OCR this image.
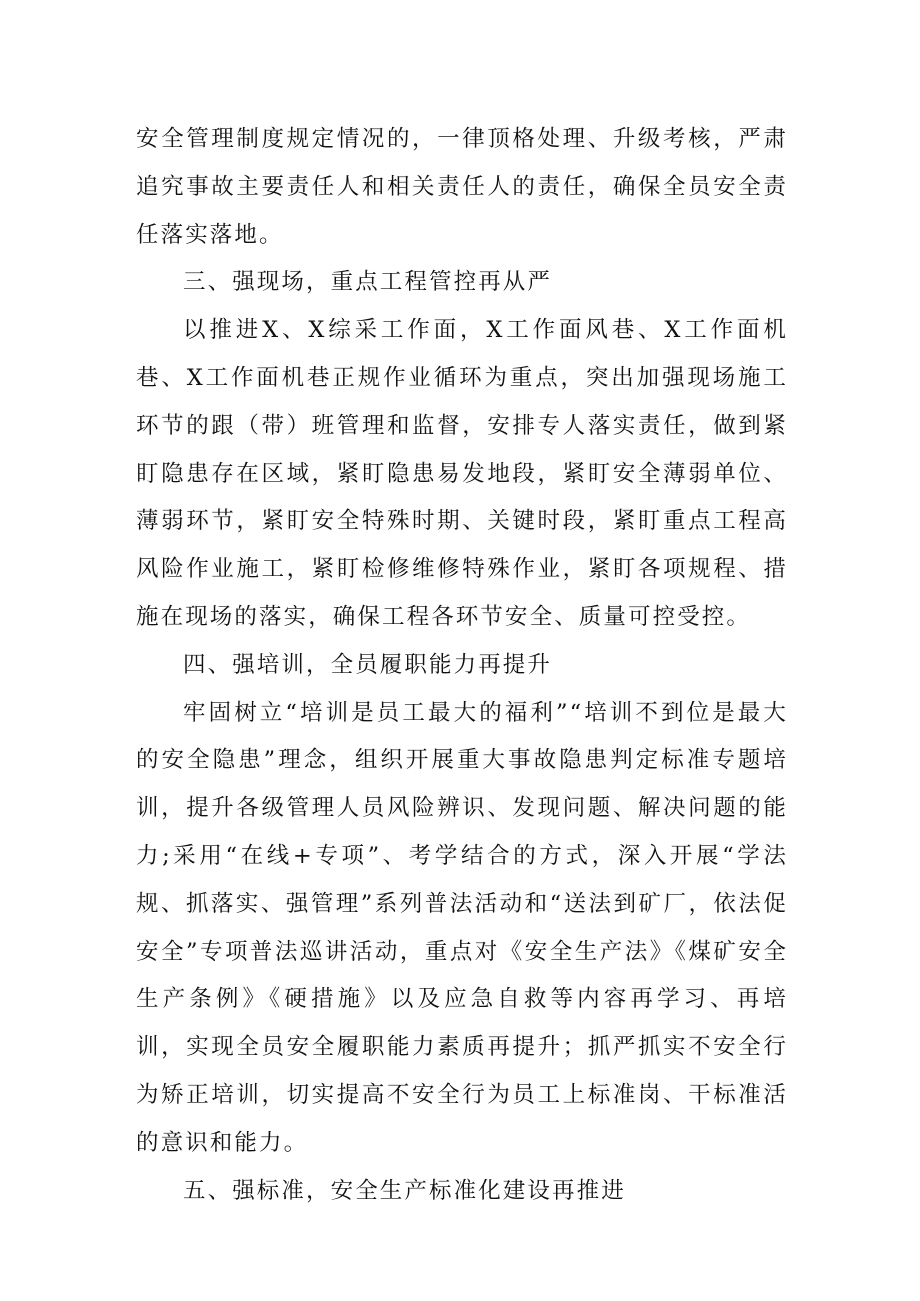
安全管理制度规定情况的，一律顶格处理、升级考核，严肃追究事故主要责任人和相关责任人的责任，确保全员安全责任落实落地。

三、强现场，重点工程管控再从严

以推进X、X综采工作面，X工作面风巷、X工作面机巷、X工作面机巷正规作业循环为重点，突出加强现场施工环节的跟（带）班管理和监督，安排专人落实责任，做到紧盯隐患存在区域，紧盯隐患易发地段，紧盯安全薄弱单位、薄弱环节，紧盯安全特殊时期、关键时段，紧盯重点工程高风险作业施工，紧盯检修维修特殊作业，紧盯各项规程、措施在现场的落实，确保工程各环节安全、质量可控受控。

四、强培训，全员履职能力再提升

牢固树立“培训是员工最大的福利”“培训不到位是最大的安全隐患”理念，组织开展重大事故隐患判定标准专题培训，提升各级管理人员风险辨识、发现问题、解决问题的能力;采用“在线+专项”、考学结合的方式，深入开展“学法规、抓落实、强管理”系列普法活动和“送法到矿厂，依法促安全”专项普法巡讲活动，重点对《安全生产法》《煤矿安全生产条例》《硬措施》以及应急自救等内容再学习、再培训，实现全员安全履职能力素质再提升；抓严抓实不安全行为矫正培训，切实提高不安全行为员工上标准岗、干标准活的意识和能力。

五、强标准，安全生产标准化建设再推进
